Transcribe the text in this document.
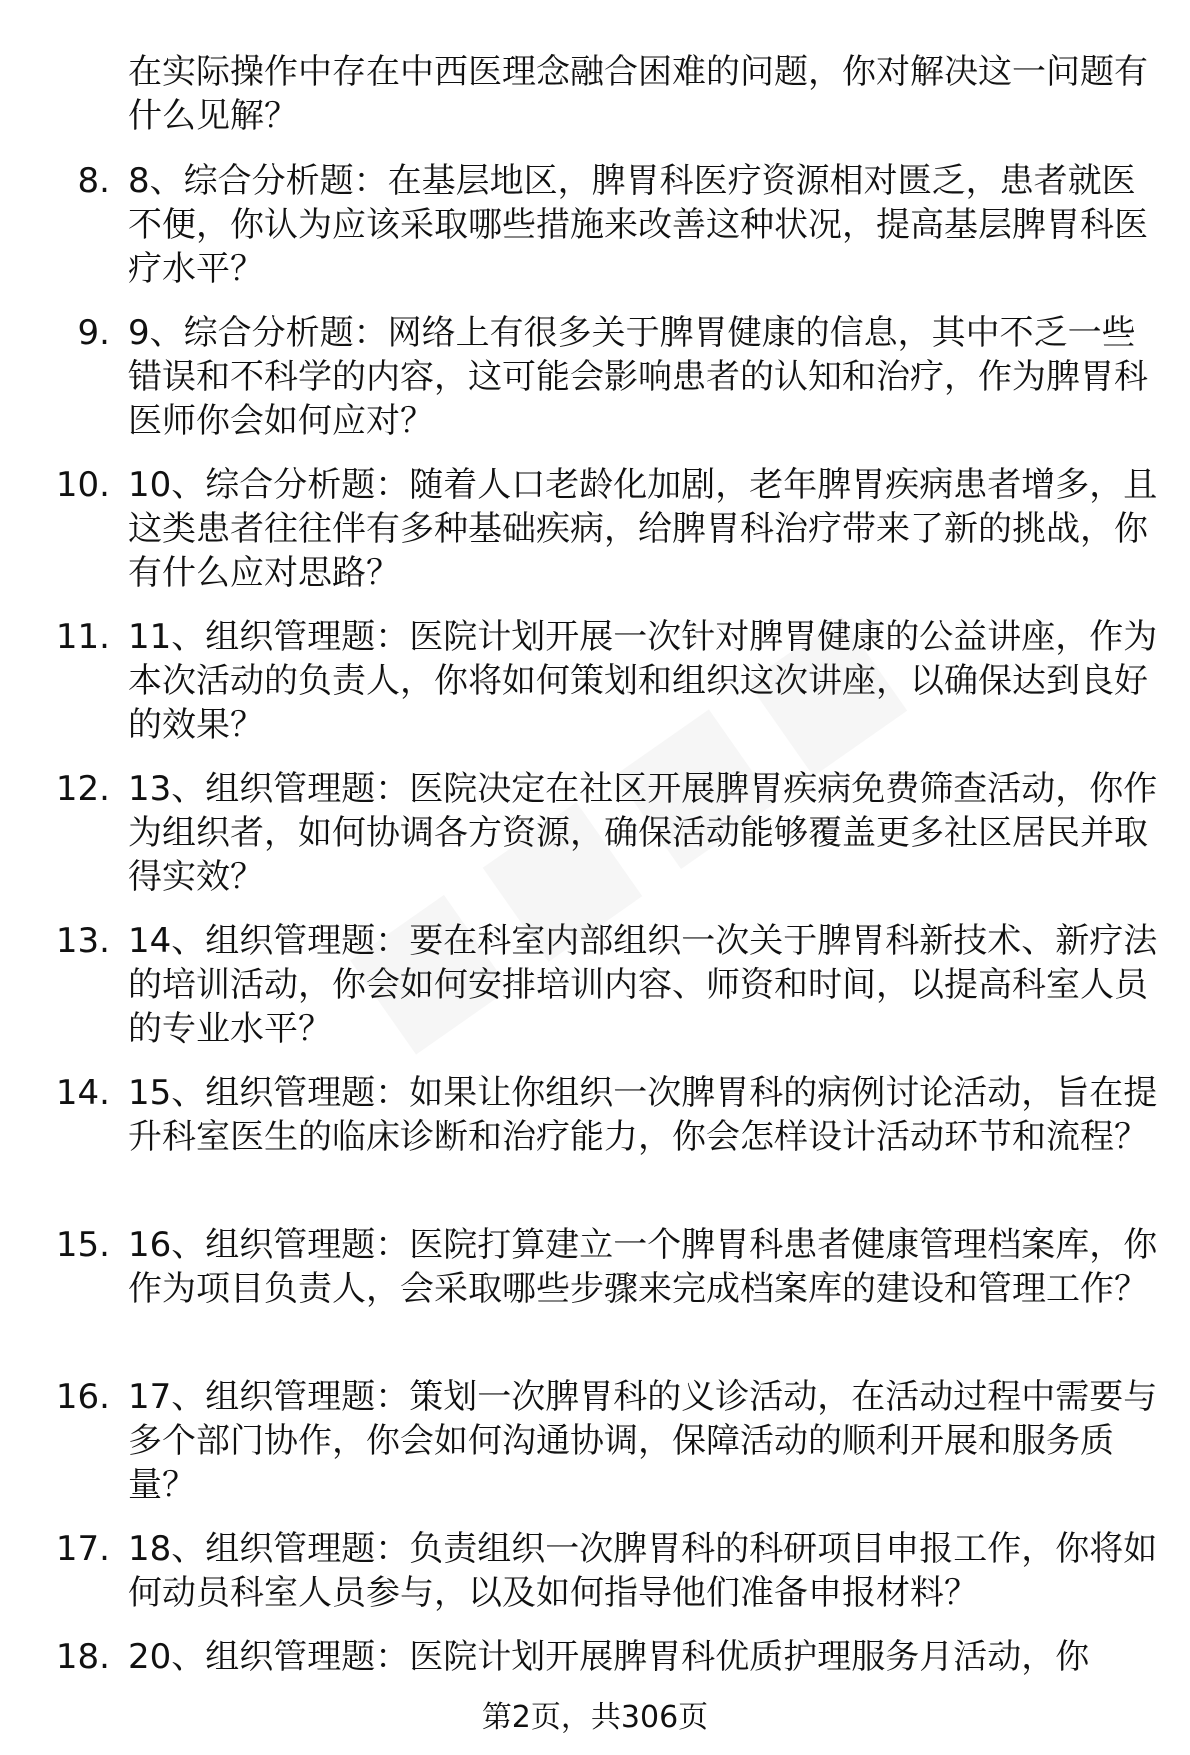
在实际操作中存在中西医理念融合困难的问题，你对解决这一问题有什么见解？
8. 8、综合分析题：在基层地区，脾胃科医疗资源相对匮乏，患者就医不便，你认为应该采取哪些措施来改善这种状况，提高基层脾胃科医疗水平？
9. 9、综合分析题：网络上有很多关于脾胃健康的信息，其中不乏一些错误和不科学的内容，这可能会影响患者的认知和治疗，作为脾胃科医师你会如何应对？
10. 10、综合分析题：随着人口老龄化加剧，老年脾胃疾病患者增多，且这类患者往往伴有多种基础疾病，给脾胃科治疗带来了新的挑战，你有什么应对思路？
11. 11、组织管理题：医院计划开展一次针对脾胃健康的公益讲座，作为本次活动的负责人，你将如何策划和组织这次讲座，以确保达到良好的效果？
12. 13、组织管理题：医院决定在社区开展脾胃疾病免费筛查活动，你作为组织者，如何协调各方资源，确保活动能够覆盖更多社区居民并取得实效？
13. 14、组织管理题：要在科室内部组织一次关于脾胃科新技术、新疗法的培训活动，你会如何安排培训内容、师资和时间，以提高科室人员的专业水平？
14. 15、组织管理题：如果让你组织一次脾胃科的病例讨论活动，旨在提升科室医生的临床诊断和治疗能力，你会怎样设计活动环节和流程？
15. 16、组织管理题：医院打算建立一个脾胃科患者健康管理档案库，你作为项目负责人，会采取哪些步骤来完成档案库的建设和管理工作？
16. 17、组织管理题：策划一次脾胃科的义诊活动，在活动过程中需要与多个部门协作，你会如何沟通协调，保障活动的顺利开展和服务质量？
17. 18、组织管理题：负责组织一次脾胃科的科研项目申报工作，你将如何动员科室人员参与，以及如何指导他们准备申报材料？
18. 20、组织管理题：医院计划开展脾胃科优质护理服务月活动，你
第2页，共306页
